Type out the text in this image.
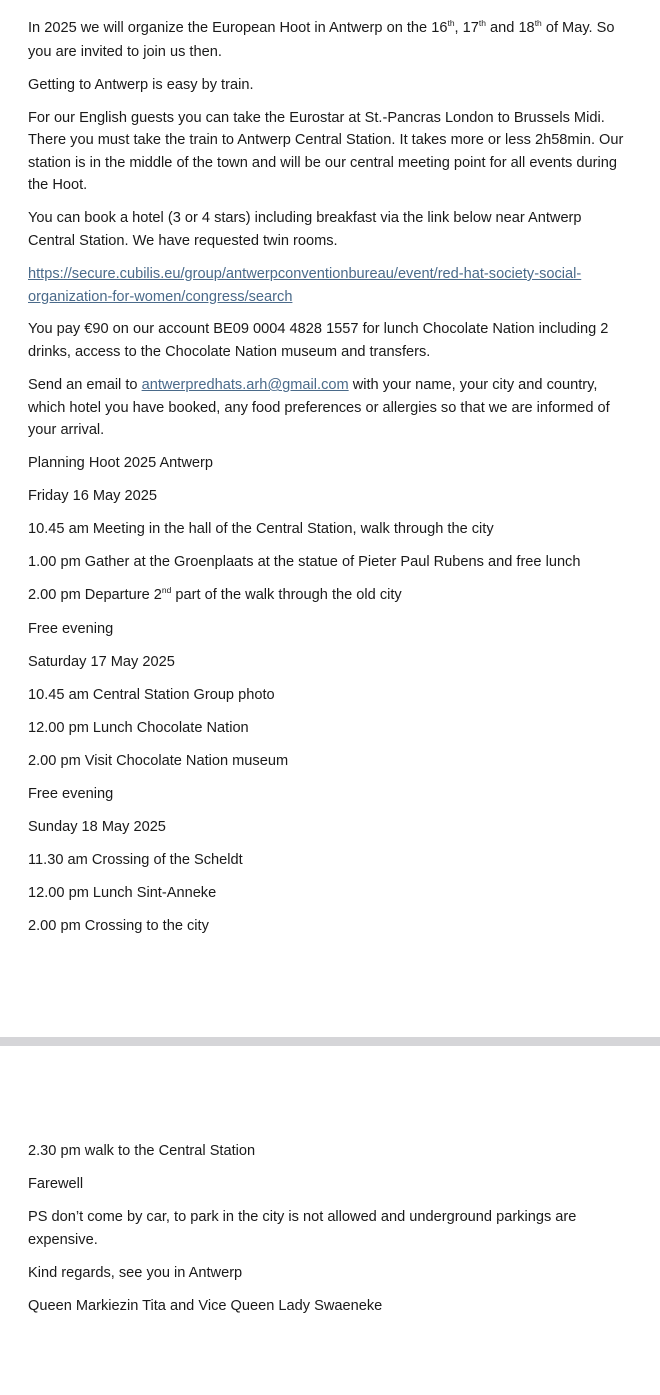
In 2025 we will organize the European Hoot in Antwerp on the 16th, 17th and 18th of May. So you are invited to join us then.

Getting to Antwerp is easy by train.

For our English guests you can take the Eurostar at St.-Pancras London to Brussels Midi. There you must take the train to Antwerp Central Station. It takes more or less 2h58min. Our station is in the middle of the town and will be our central meeting point for all events during the Hoot.

You can book a hotel (3 or 4 stars) including breakfast via the link below near Antwerp Central Station. We have requested twin rooms.

https://secure.cubilis.eu/group/antwerpconventionbureau/event/red-hat-society-social-organization-for-women/congress/search

You pay €90 on our account BE09 0004 4828 1557 for lunch Chocolate Nation including 2 drinks, access to the Chocolate Nation museum and transfers.

Send an email to antwerpredhats.arh@gmail.com with your name, your city and country, which hotel you have booked, any food preferences or allergies so that we are informed of your arrival.

Planning Hoot 2025 Antwerp

Friday 16 May 2025

10.45 am Meeting in the hall of the Central Station, walk through the city

1.00 pm Gather at the Groenplaats at the statue of Pieter Paul Rubens and free lunch

2.00 pm Departure 2nd part of the walk through the old city

Free evening

Saturday 17 May 2025

10.45 am Central Station Group photo

12.00 pm Lunch Chocolate Nation

2.00 pm Visit Chocolate Nation museum

Free evening

Sunday 18 May 2025

11.30 am Crossing of the Scheldt

12.00 pm Lunch Sint-Anneke

2.00 pm Crossing to the city

2.30 pm walk to the Central Station

Farewell

PS don’t come by car, to park in the city is not allowed and underground parkings are expensive.

Kind regards, see you in Antwerp

Queen Markiezin Tita and Vice Queen Lady Swaeneke
